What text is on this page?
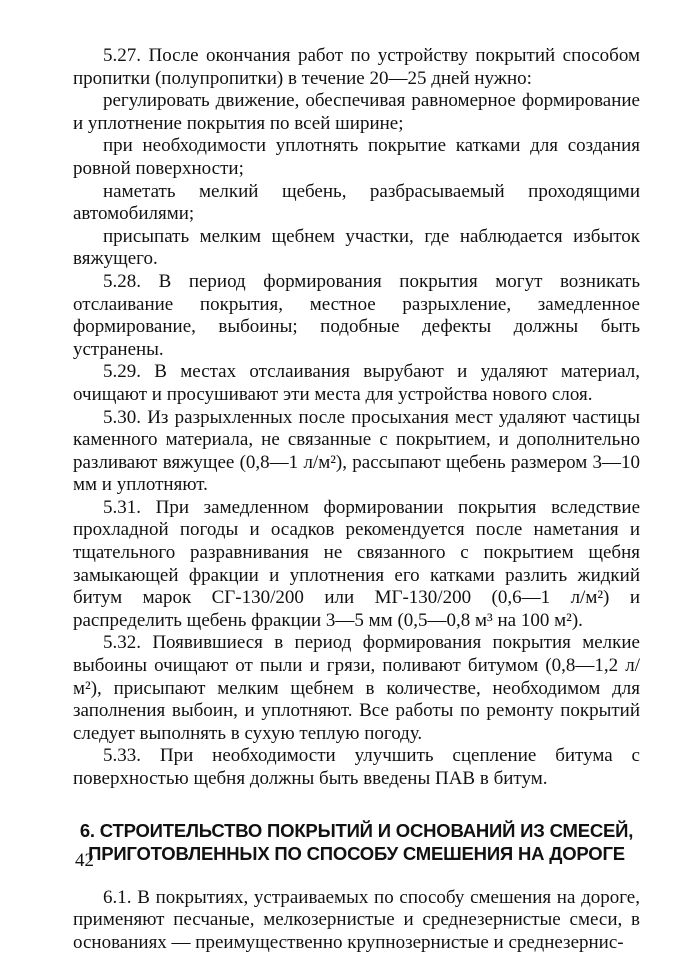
5.27. После окончания работ по устройству покрытий способом пропитки (полупропитки) в течение 20—25 дней нужно:

регулировать движение, обеспечивая равномерное формирование и уплотнение покрытия по всей ширине;

при необходимости уплотнять покрытие катками для создания ровной поверхности;

наметать мелкий щебень, разбрасываемый проходящими автомобилями;

присыпать мелким щебнем участки, где наблюдается избыток вяжущего.

5.28. В период формирования покрытия могут возникать отслаивание покрытия, местное разрыхление, замедленное формирование, выбоины; подобные дефекты должны быть устранены.

5.29. В местах отслаивания вырубают и удаляют материал, очищают и просушивают эти места для устройства нового слоя.

5.30. Из разрыхленных после просыхания мест удаляют частицы каменного материала, не связанные с покрытием, и дополнительно разливают вяжущее (0,8—1 л/м²), рассыпают щебень размером 3—10 мм и уплотняют.

5.31. При замедленном формировании покрытия вследствие прохладной погоды и осадков рекомендуется после наметания и тщательного разравнивания не связанного с покрытием щебня замыкающей фракции и уплотнения его катками разлить жидкий битум марок СГ-130/200 или МГ-130/200 (0,6—1 л/м²) и распределить щебень фракции 3—5 мм (0,5—0,8 м³ на 100 м²).

5.32. Появившиеся в период формирования покрытия мелкие выбоины очищают от пыли и грязи, поливают битумом (0,8—1,2 л/м²), присыпают мелким щебнем в количестве, необходимом для заполнения выбоин, и уплотняют. Все работы по ремонту покрытий следует выполнять в сухую теплую погоду.

5.33. При необходимости улучшить сцепление битума с поверхностью щебня должны быть введены ПАВ в битум.

6. СТРОИТЕЛЬСТВО ПОКРЫТИЙ И ОСНОВАНИЙ ИЗ СМЕСЕЙ,
ПРИГОТОВЛЕННЫХ ПО СПОСОБУ СМЕШЕНИЯ НА ДОРОГЕ

6.1. В покрытиях, устраиваемых по способу смешения на дороге, применяют песчаные, мелкозернистые и среднезернистые смеси, в основаниях — преимущественно крупнозернистые и среднезернис-

42
